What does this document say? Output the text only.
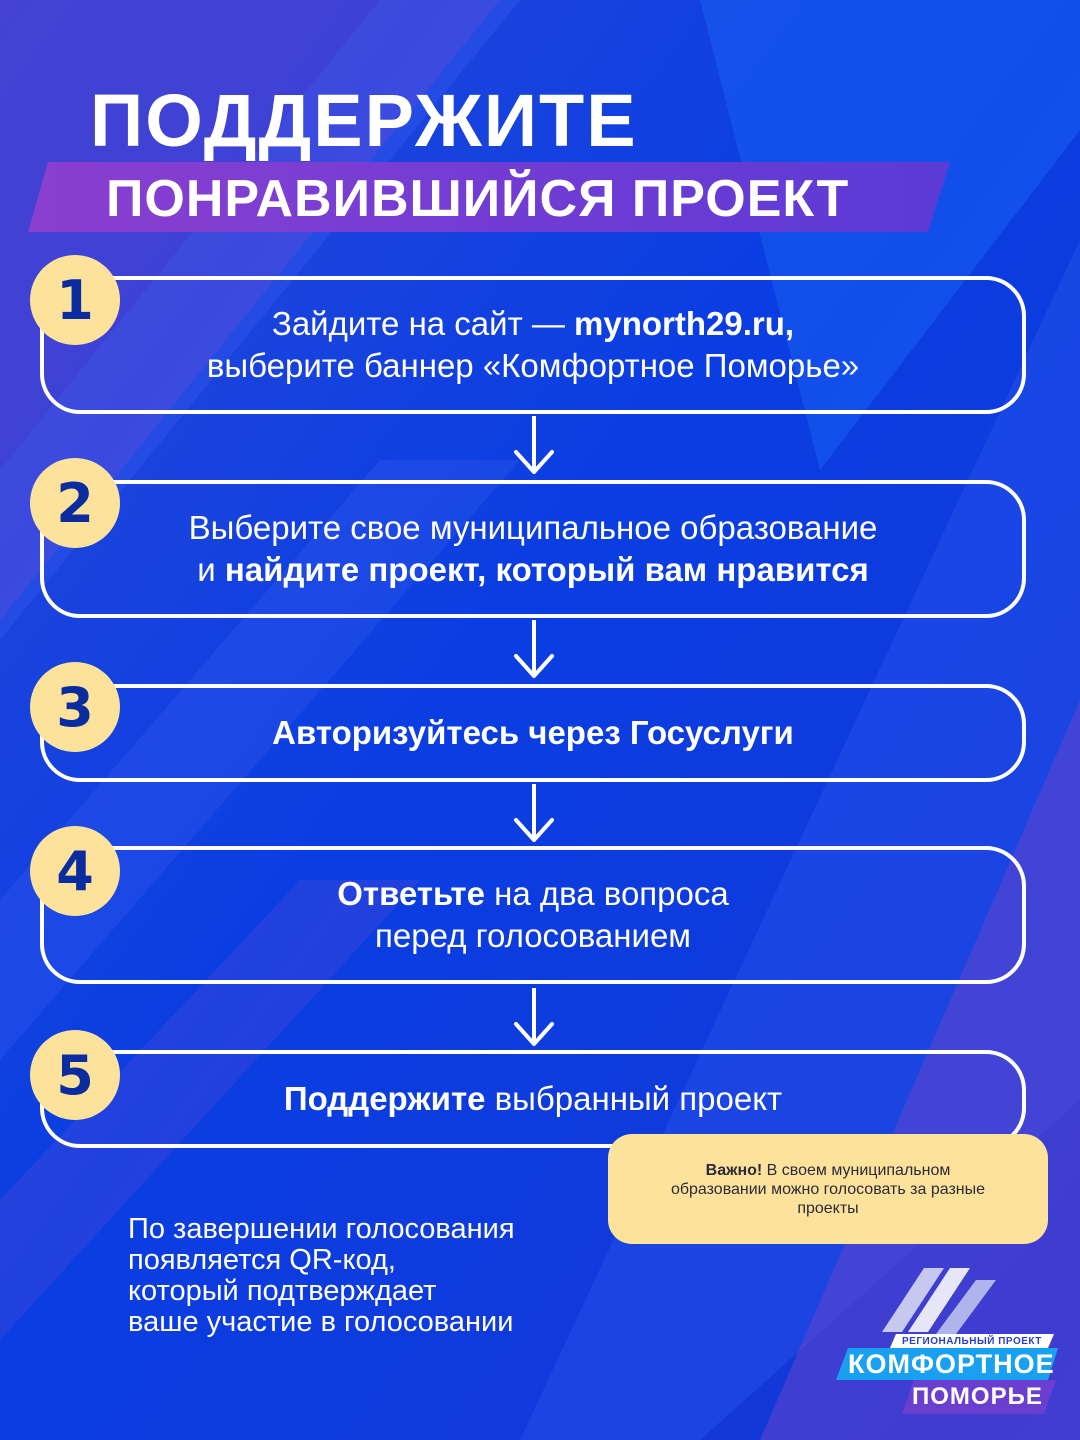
ПОДДЕРЖИТЕ
ПОНРАВИВШИЙСЯ ПРОЕКТ
Зайдите на сайт — mynorth29.ru,
выберите баннер «Комфортное Поморье»
1
Выберите свое муниципальное образование
и найдите проект, который вам нравится
2
Авторизуйтесь через Госуслуги
3
Ответьте на два вопроса
перед голосованием
4
Поддержите выбранный проект
5
Важно! В своем муниципальном образовании можно голосовать за разные проекты
По завершении голосования
появляется QR-код,
который подтверждает
ваше участие в голосовании
РЕГИОНАЛЬНЫЙ ПРОЕКТ
КОМФОРТНОЕ
ПОМОРЬЕ
